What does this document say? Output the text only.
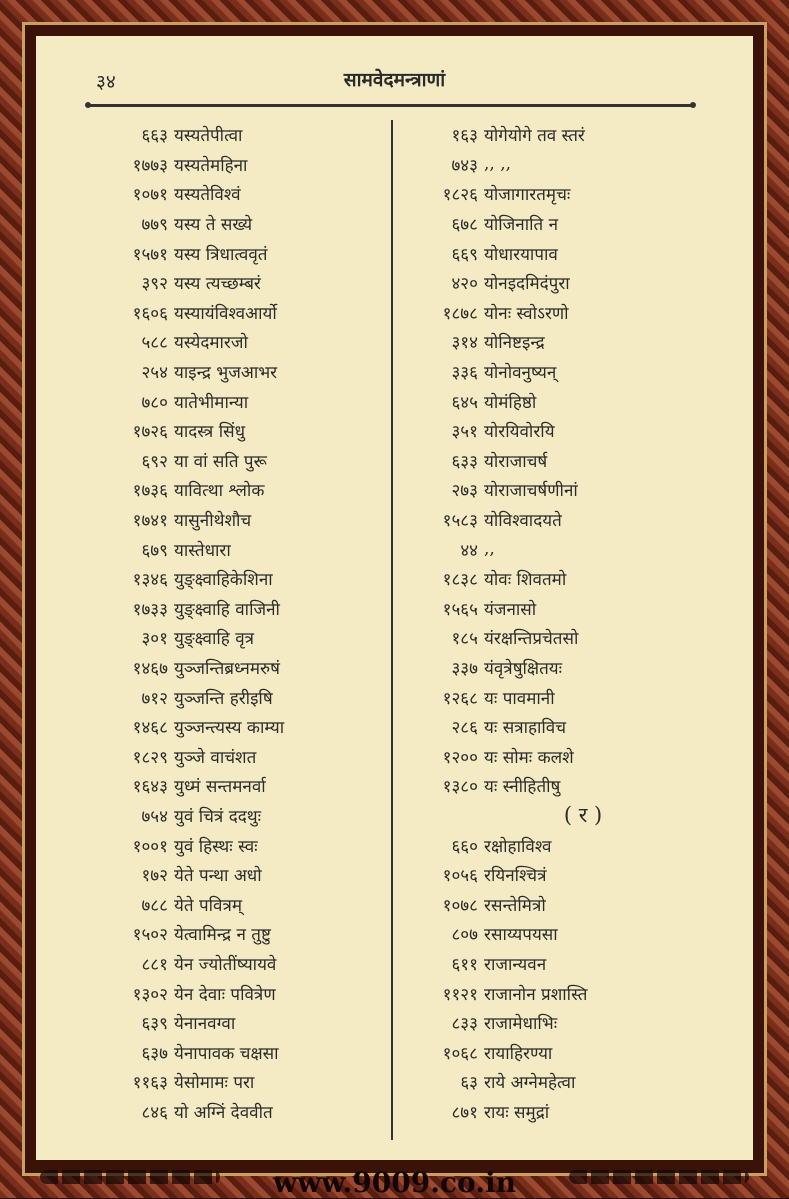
३४	सामवेदमन्त्राणां
६६३ यस्यतेपीत्वा
१७७३ यस्यतेमहिना
१०७१ यस्यतेविश्वं
७७९ यस्य ते सख्ये
१५७१ यस्य त्रिधात्ववृतं
३९२ यस्य त्यच्छम्बरं
१६०६ यस्यायंविश्वआर्यो
५८८ यस्येदमारजो
२५४ याइन्द्र भुजआभर
७८० यातेभीमान्या
१७२६ यादस्त्र सिंधु
६९२ या वां सति पुरू
१७३६ यावित्था श्लोक
१७४१ यासुनीथेशौच
६७९ यास्तेधारा
१३४६ युङ्क्ष्वाहिकेशिना
१७३३ युङ्क्ष्वाहि वाजिनी
३०१ युङ्क्ष्वाहि वृत्र
१४६७ युञ्जन्तिब्रध्नमरुषं
७१२ युञ्जन्ति हरीइषि
१४६८ युञ्जन्त्यस्य काम्या
१८२९ युञ्जे वाचंशत
१६४३ युध्मं सन्तमनर्वा
७५४ युवं चित्रं ददथुः
१००१ युवं हिस्थः स्वः
१७२ येते पन्था अधो
७८८ येते पवित्रम्
१५०२ येत्वामिन्द्र न तुष्टु
८८१ येन ज्योतींष्यायवे
१३०२ येन देवाः पवित्रेण
६३९ येनानवग्वा
६३७ येनापावक चक्षसा
११६३ येसोमामः परा
८४६ यो अग्निं देववीत
१६३ योगेयोगे तव स्तरं
७४३ ,, ,,
१८२६ योजागारतमृचः
६७८ योजिनाति न
६६९ योधारयापाव
४२० योनइदमिदंपुरा
१८७८ योनः स्वोऽरणो
३१४ योनिष्टइन्द्र
३३६ योनोवनुष्यन्
६४५ योमंहिष्ठो
३५१ योरयिवोरयि
६३३ योराजाचर्ष
२७३ योराजाचर्षणीनां
१५८३ योविश्वादयते
४४ ,,
१८३८ योवः शिवतमो
१५६५ यंजनासो
१८५ यंरक्षन्तिप्रचेतसो
३३७ यंवृत्रेषुक्षितयः
१२६८ यः पावमानी
२८६ यः सत्राहाविच
१२०० यः सोमः कलशे
१३८० यः स्नीहितीषु
( र )
६६० रक्षोहाविश्व
१०५६ रयिनश्चित्रं
१०७८ रसन्तेमित्रो
८०७ रसाय्यपयसा
६११ राजान्यवन
११२१ राजानोन प्रशास्ति
८३३ राजामेधाभिः
१०६८ रायाहिरण्या
६३ राये अग्नेमहेत्वा
८७१ रायः समुद्रां
www.9009.co.in
